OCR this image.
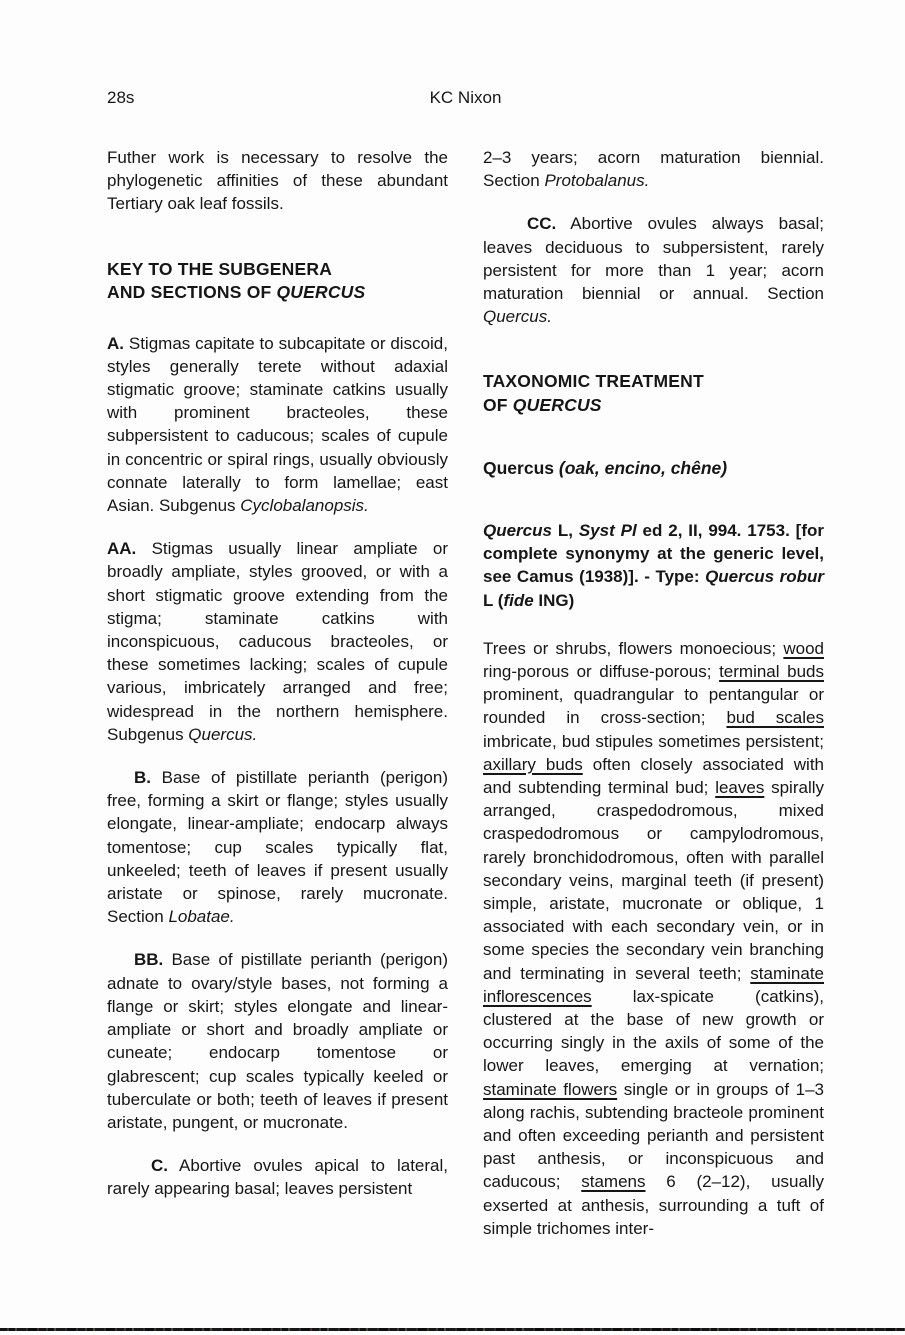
28s	KC Nixon

Futher work is necessary to resolve the phylogenetic affinities of these abundant Tertiary oak leaf fossils.

KEY TO THE SUBGENERA
AND SECTIONS OF QUERCUS

A. Stigmas capitate to subcapitate or discoid, styles generally terete without adaxial stigmatic groove; staminate catkins usually with prominent bracteoles, these subpersistent to caducous; scales of cupule in concentric or spiral rings, usually obviously connate laterally to form lamellae; east Asian. Subgenus Cyclobalanopsis.

AA. Stigmas usually linear ampliate or broadly ampliate, styles grooved, or with a short stigmatic groove extending from the stigma; staminate catkins with inconspicuous, caducous bracteoles, or these sometimes lacking; scales of cupule various, imbricately arranged and free; widespread in the northern hemisphere. Subgenus Quercus.

B. Base of pistillate perianth (perigon) free, forming a skirt or flange; styles usually elongate, linear-ampliate; endocarp always tomentose; cup scales typically flat, unkeeled; teeth of leaves if present usually aristate or spinose, rarely mucronate. Section Lobatae.

BB. Base of pistillate perianth (perigon) adnate to ovary/style bases, not forming a flange or skirt; styles elongate and linear-ampliate or short and broadly ampliate or cuneate; endocarp tomentose or glabrescent; cup scales typically keeled or tuberculate or both; teeth of leaves if present aristate, pungent, or mucronate.

C. Abortive ovules apical to lateral, rarely appearing basal; leaves persistent

2–3 years; acorn maturation biennial. Section Protobalanus.

CC. Abortive ovules always basal; leaves deciduous to subpersistent, rarely persistent for more than 1 year; acorn maturation biennial or annual. Section Quercus.

TAXONOMIC TREATMENT
OF QUERCUS
Quercus (oak, encino, chêne)

Quercus L, Syst Pl ed 2, II, 994. 1753. [for complete synonymy at the generic level, see Camus (1938)]. - Type: Quercus robur L (fide ING)

Trees or shrubs, flowers monoecious; wood ring-porous or diffuse-porous; terminal buds prominent, quadrangular to pentangular or rounded in cross-section; bud scales imbricate, bud stipules sometimes persistent; axillary buds often closely associated with and subtending terminal bud; leaves spirally arranged, craspedodromous, mixed craspedodromous or campylodromous, rarely bronchidodromous, often with parallel secondary veins, marginal teeth (if present) simple, aristate, mucronate or oblique, 1 associated with each secondary vein, or in some species the secondary vein branching and terminating in several teeth; staminate inflorescences lax-spicate (catkins), clustered at the base of new growth or occurring singly in the axils of some of the lower leaves, emerging at vernation; staminate flowers single or in groups of 1–3 along rachis, subtending bracteole prominent and often exceeding perianth and persistent past anthesis, or inconspicuous and caducous; stamens 6 (2–12), usually exserted at anthesis, surrounding a tuft of simple trichomes inter-
